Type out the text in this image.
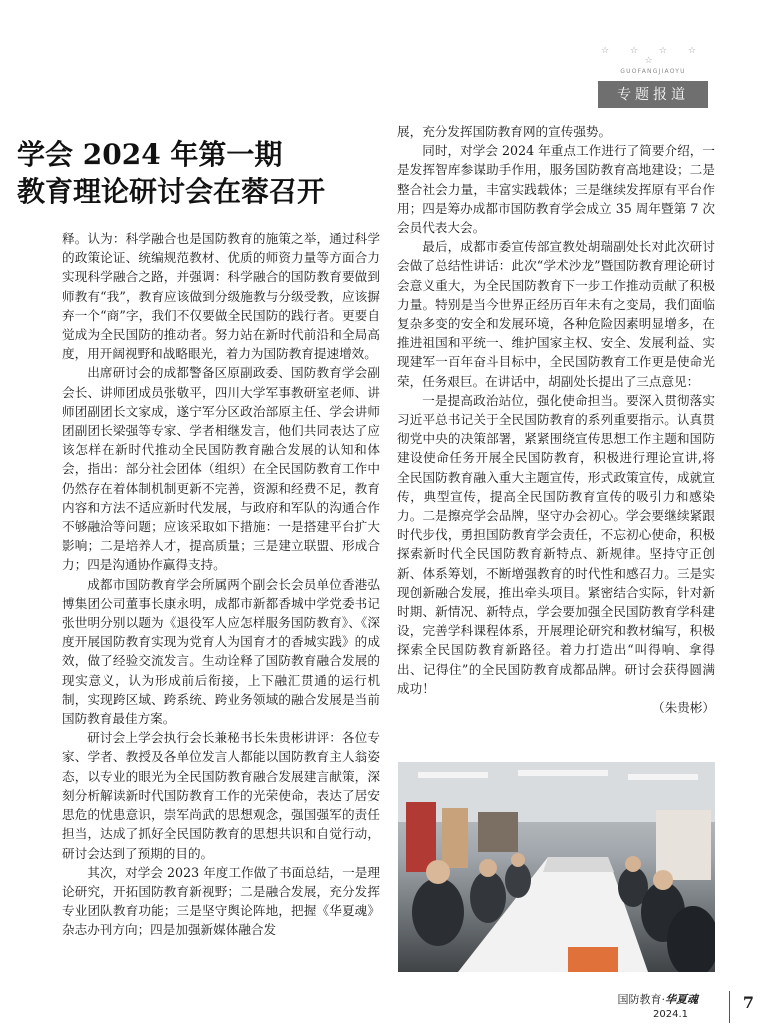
☆ ☆ ☆ ☆ ☆
GUOFANGJIAOYU
专题报道
学会 2024 年第一期
教育理论研讨会在蓉召开

释。认为：科学融合也是国防教育的施策之举，通过科学的政策论证、统编规范教材、优质的师资力量等方面合力实现科学融合之路，并强调：科学融合的国防教育要做到师教有“我”，教育应该做到分级施教与分级受教，应该摒弃一个“商”字，我们不仅要做全民国防的践行者。更要自觉成为全民国防的推动者。努力站在新时代前沿和全局高度，用开阔视野和战略眼光，着力为国防教育提速增效。

出席研讨会的成都警备区原副政委、国防教育学会副会长、讲师团成员张敬平，四川大学军事教研室老师、讲师团副团长文家成，遂宁军分区政治部原主任、学会讲师团副团长梁强等专家、学者相继发言，他们共同表达了应该怎样在新时代推动全民国防教育融合发展的认知和体会，指出：部分社会团体（组织）在全民国防教育工作中仍然存在着体制机制更新不完善，资源和经费不足，教育内容和方法不适应新时代发展，与政府和军队的沟通合作不够融洽等问题；应该采取如下措施：一是搭建平台扩大影响；二是培养人才，提高质量；三是建立联盟、形成合力；四是沟通协作赢得支持。

成都市国防教育学会所属两个副会长会员单位香港弘博集团公司董事长康永明，成都市新都香城中学党委书记张世明分别以题为《退役军人应怎样服务国防教育》、《深度开展国防教育实现为党育人为国育才的香城实践》的成效，做了经验交流发言。生动诠释了国防教育融合发展的现实意义，认为形成前后衔接，上下融汇贯通的运行机制，实现跨区域、跨系统、跨业务领域的融合发展是当前国防教育最佳方案。

研讨会上学会执行会长兼秘书长朱贵彬讲评：各位专家、学者、教授及各单位发言人都能以国防教育主人翁姿态，以专业的眼光为全民国防教育融合发展建言献策，深刻分析解读新时代国防教育工作的光荣使命，表达了居安思危的忧患意识，崇军尚武的思想观念，强国强军的责任担当，达成了抓好全民国防教育的思想共识和自觉行动，研讨会达到了预期的目的。

其次，对学会 2023 年度工作做了书面总结，一是理论研究，开拓国防教育新视野；二是融合发展，充分发挥专业团队教育功能；三是坚守舆论阵地，把握《华夏魂》杂志办刊方向；四是加强新媒体融合发

展，充分发挥国防教育网的宣传强势。

同时，对学会 2024 年重点工作进行了简要介绍，一是发挥智库参谋助手作用，服务国防教育高地建设；二是整合社会力量，丰富实践载体；三是继续发挥原有平台作用；四是筹办成都市国防教育学会成立 35 周年暨第 7 次会员代表大会。

最后，成都市委宣传部宣教处胡瑞副处长对此次研讨会做了总结性讲话：此次“学术沙龙”暨国防教育理论研讨会意义重大，为全民国防教育下一步工作推动贡献了积极力量。特别是当今世界正经历百年未有之变局，我们面临复杂多变的安全和发展环境，各种危险因素明显增多，在推进祖国和平统一、维护国家主权、安全、发展利益、实现建军一百年奋斗目标中，全民国防教育工作更是使命光荣，任务艰巨。在讲话中，胡副处长提出了三点意见：

一是提高政治站位，强化使命担当。要深入贯彻落实习近平总书记关于全民国防教育的系列重要指示。认真贯彻党中央的决策部署，紧紧围绕宣传思想工作主题和国防建设使命任务开展全民国防教育，积极进行理论宣讲,将全民国防教育融入重大主题宣传，形式政策宣传，成就宣传，典型宣传，提高全民国防教育宣传的吸引力和感染力。二是擦亮学会品牌，坚守办会初心。学会要继续紧跟时代步伐，勇担国防教育学会责任，不忘初心使命，积极探索新时代全民国防教育新特点、新规律。坚持守正创新、体系筹划，不断增强教育的时代性和感召力。三是实现创新融合发展，推出牵头项目。紧密结合实际，针对新时期、新情况、新特点，学会要加强全民国防教育学科建设，完善学科课程体系，开展理论研究和教材编写，积极探索全民国防教育新路径。着力打造出“叫得响、拿得出、记得住”的全民国防教育成都品牌。研讨会获得圆满成功！

（朱贵彬）
国防教育·华夏魂
2024.1
7
